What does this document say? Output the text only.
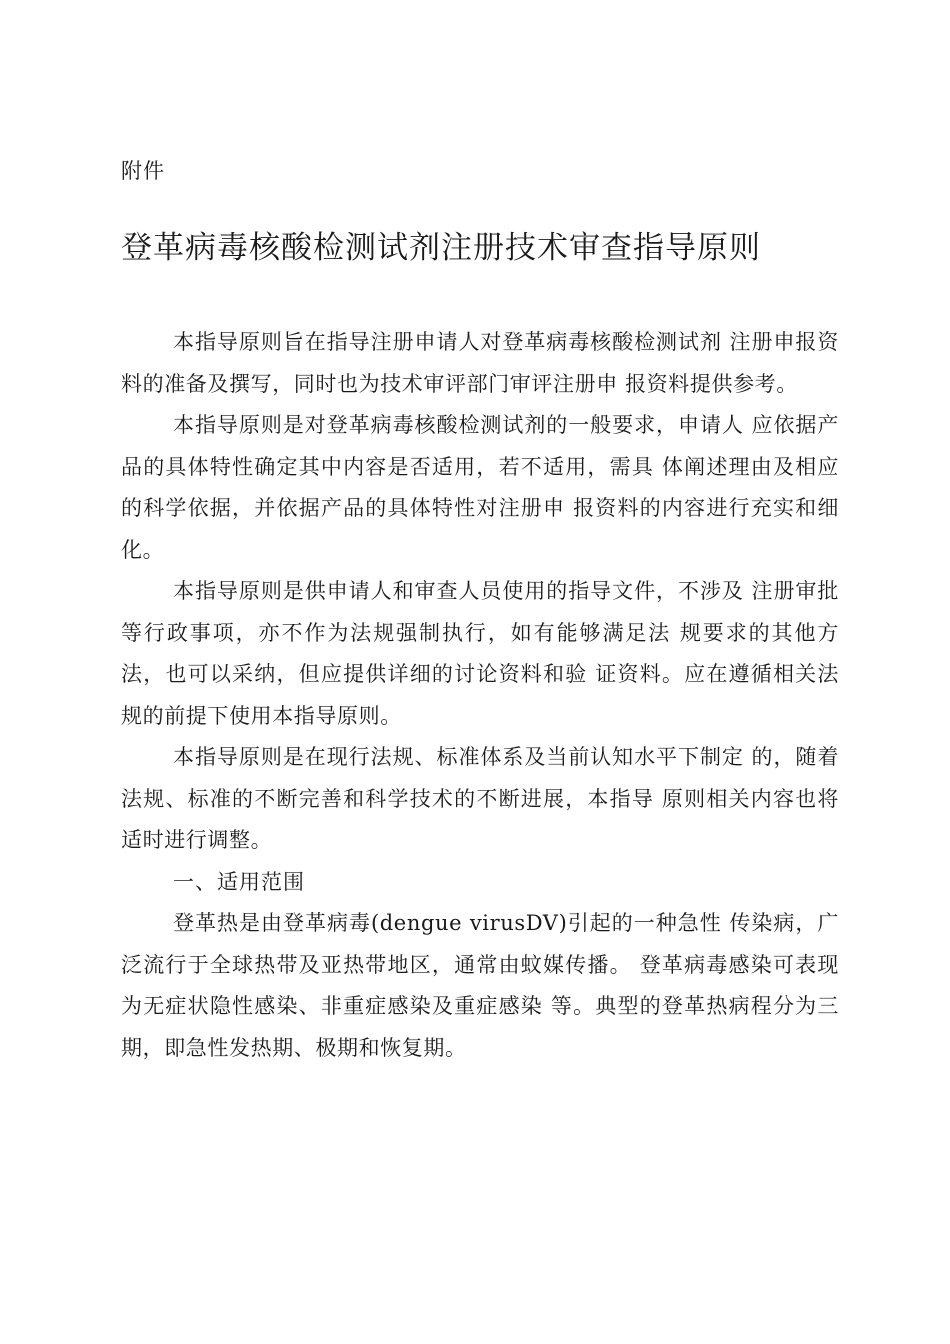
附件
登革病毒核酸检测试剂注册技术审查指导原则

本指导原则旨在指导注册申请人对登革病毒核酸检测试剂 注册申报资料的准备及撰写，同时也为技术审评部门审评注册申 报资料提供参考。

本指导原则是对登革病毒核酸检测试剂的一般要求，申请人 应依据产品的具体特性确定其中内容是否适用，若不适用，需具 体阐述理由及相应的科学依据，并依据产品的具体特性对注册申 报资料的内容进行充实和细化。

本指导原则是供申请人和审查人员使用的指导文件，不涉及 注册审批等行政事项，亦不作为法规强制执行，如有能够满足法 规要求的其他方法，也可以采纳，但应提供详细的讨论资料和验 证资料。应在遵循相关法规的前提下使用本指导原则。

本指导原则是在现行法规、标准体系及当前认知水平下制定 的，随着法规、标准的不断完善和科学技术的不断进展，本指导 原则相关内容也将适时进行调整。

一、适用范围

登革热是由登革病毒(dengue virusDV)引起的一种急性 传染病，广泛流行于全球热带及亚热带地区，通常由蚊媒传播。 登革病毒感染可表现为无症状隐性感染、非重症感染及重症感染 等。典型的登革热病程分为三期，即急性发热期、极期和恢复期。
